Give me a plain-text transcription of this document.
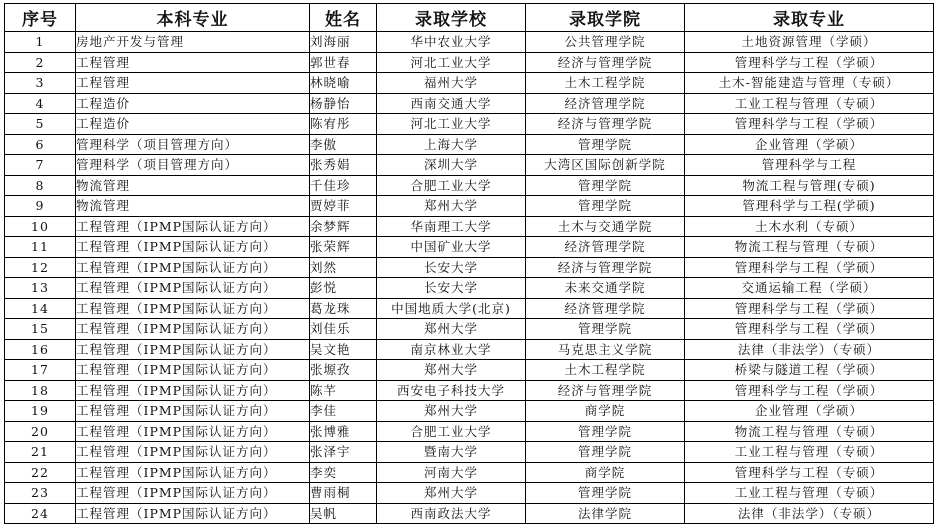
序号	本科专业	姓名	录取学校	录取学院	录取专业
1	房地产开发与管理	刘海丽	华中农业大学	公共管理学院	土地资源管理（学硕）
2	工程管理	郭世春	河北工业大学	经济与管理学院	管理科学与工程（学硕）
3	工程管理	林晓喻	福州大学	土木工程学院	土木-智能建造与管理（专硕）
4	工程造价	杨静怡	西南交通大学	经济管理学院	工业工程与管理（专硕）
5	工程造价	陈宥彤	河北工业大学	经济与管理学院	管理科学与工程（学硕）
6	管理科学（项目管理方向）	李傲	上海大学	管理学院	企业管理（学硕）
7	管理科学（项目管理方向）	张秀娟	深圳大学	大湾区国际创新学院	管理科学与工程
8	物流管理	千佳珍	合肥工业大学	管理学院	物流工程与管理(专硕)
9	物流管理	贾婷菲	郑州大学	管理学院	管理科学与工程(学硕)
10	工程管理（IPMP国际认证方向）	余梦辉	华南理工大学	土木与交通学院	土木水利（专硕）
11	工程管理（IPMP国际认证方向）	张荣辉	中国矿业大学	经济管理学院	物流工程与管理（专硕）
12	工程管理（IPMP国际认证方向）	刘然	长安大学	经济与管理学院	管理科学与工程（学硕）
13	工程管理（IPMP国际认证方向）	彭悦	长安大学	未来交通学院	交通运输工程（学硕）
14	工程管理（IPMP国际认证方向）	葛龙珠	中国地质大学(北京)	经济管理学院	管理科学与工程（学硕）
15	工程管理（IPMP国际认证方向）	刘佳乐	郑州大学	管理学院	管理科学与工程（学硕）
16	工程管理（IPMP国际认证方向）	吴文艳	南京林业大学	马克思主义学院	法律（非法学）（专硕）
17	工程管理（IPMP国际认证方向）	张塬孜	郑州大学	土木工程学院	桥梁与隧道工程（学硕）
18	工程管理（IPMP国际认证方向）	陈芊	西安电子科技大学	经济与管理学院	管理科学与工程（学硕）
19	工程管理（IPMP国际认证方向）	李佳	郑州大学	商学院	企业管理（学硕）
20	工程管理（IPMP国际认证方向）	张博雅	合肥工业大学	管理学院	物流工程与管理（专硕）
21	工程管理（IPMP国际认证方向）	张泽宇	暨南大学	管理学院	工业工程与管理（专硕）
22	工程管理（IPMP国际认证方向）	李奕	河南大学	商学院	管理科学与工程（专硕）
23	工程管理（IPMP国际认证方向）	曹雨桐	郑州大学	管理学院	工业工程与管理（专硕）
24	工程管理（IPMP国际认证方向）	吴帆	西南政法大学	法律学院	法律（非法学）（专硕）
